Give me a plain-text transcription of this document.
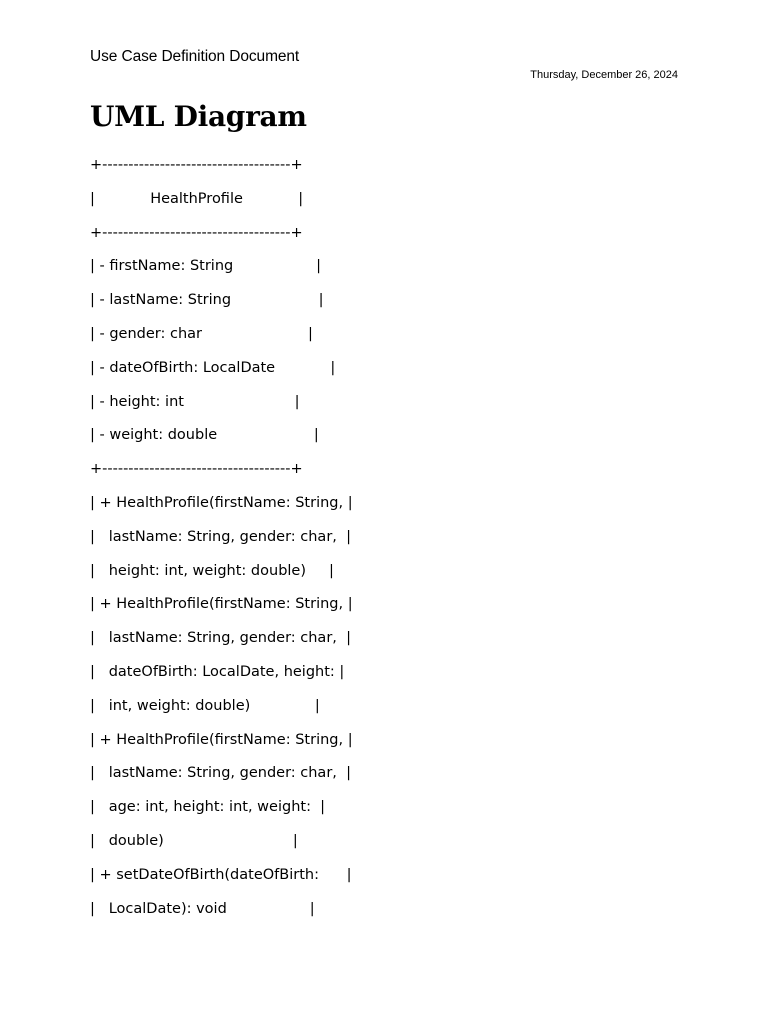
Use Case Definition Document
Thursday, December 26, 2024
UML Diagram
+------------------------------------+
|            HealthProfile            |
+------------------------------------+
| - firstName: String                  |
| - lastName: String                   |
| - gender: char                       |
| - dateOfBirth: LocalDate            |
| - height: int                        |
| - weight: double                     |
+------------------------------------+
| + HealthProfile(firstName: String, |
|   lastName: String, gender: char,  |
|   height: int, weight: double)     |
| + HealthProfile(firstName: String, |
|   lastName: String, gender: char,  |
|   dateOfBirth: LocalDate, height: |
|   int, weight: double)              |
| + HealthProfile(firstName: String, |
|   lastName: String, gender: char,  |
|   age: int, height: int, weight:  |
|   double)                            |
| + setDateOfBirth(dateOfBirth:      |
|   LocalDate): void                  |
